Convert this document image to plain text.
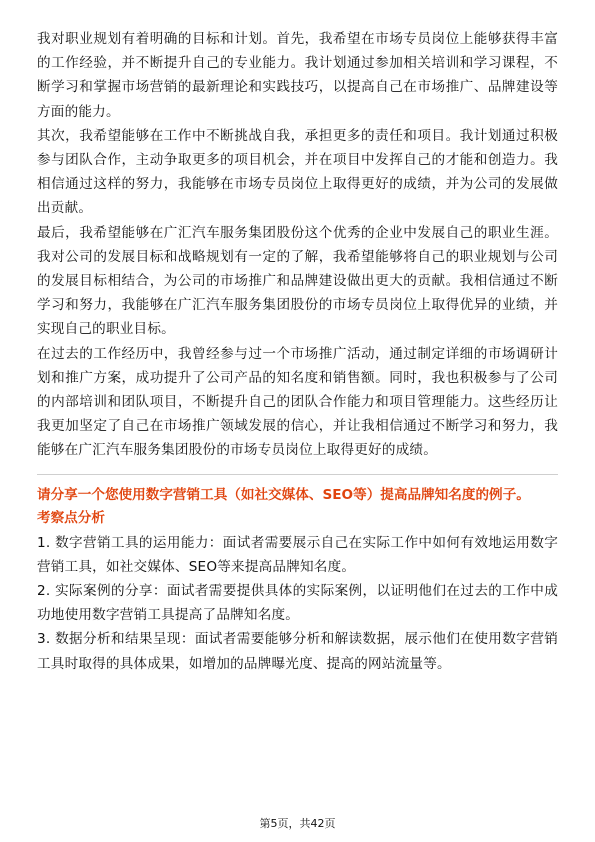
我对职业规划有着明确的目标和计划。首先，我希望在市场专员岗位上能够获得丰富的工作经验，并不断提升自己的专业能力。我计划通过参加相关培训和学习课程，不断学习和掌握市场营销的最新理论和实践技巧，以提高自己在市场推广、品牌建设等方面的能力。

其次，我希望能够在工作中不断挑战自我，承担更多的责任和项目。我计划通过积极参与团队合作，主动争取更多的项目机会，并在项目中发挥自己的才能和创造力。我相信通过这样的努力，我能够在市场专员岗位上取得更好的成绩，并为公司的发展做出贡献。

最后，我希望能够在广汇汽车服务集团股份这个优秀的企业中发展自己的职业生涯。我对公司的发展目标和战略规划有一定的了解，我希望能够将自己的职业规划与公司的发展目标相结合，为公司的市场推广和品牌建设做出更大的贡献。我相信通过不断学习和努力，我能够在广汇汽车服务集团股份的市场专员岗位上取得优异的业绩，并实现自己的职业目标。

在过去的工作经历中，我曾经参与过一个市场推广活动，通过制定详细的市场调研计划和推广方案，成功提升了公司产品的知名度和销售额。同时，我也积极参与了公司的内部培训和团队项目，不断提升自己的团队合作能力和项目管理能力。这些经历让我更加坚定了自己在市场推广领域发展的信心，并让我相信通过不断学习和努力，我能够在广汇汽车服务集团股份的市场专员岗位上取得更好的成绩。

请分享一个您使用数字营销工具（如社交媒体、SEO等）提高品牌知名度的例子。

考察点分析

1. 数字营销工具的运用能力：面试者需要展示自己在实际工作中如何有效地运用数字营销工具，如社交媒体、SEO等来提高品牌知名度。

2. 实际案例的分享：面试者需要提供具体的实际案例，以证明他们在过去的工作中成功地使用数字营销工具提高了品牌知名度。

3. 数据分析和结果呈现：面试者需要能够分析和解读数据，展示他们在使用数字营销工具时取得的具体成果，如增加的品牌曝光度、提高的网站流量等。

第5页，共42页
